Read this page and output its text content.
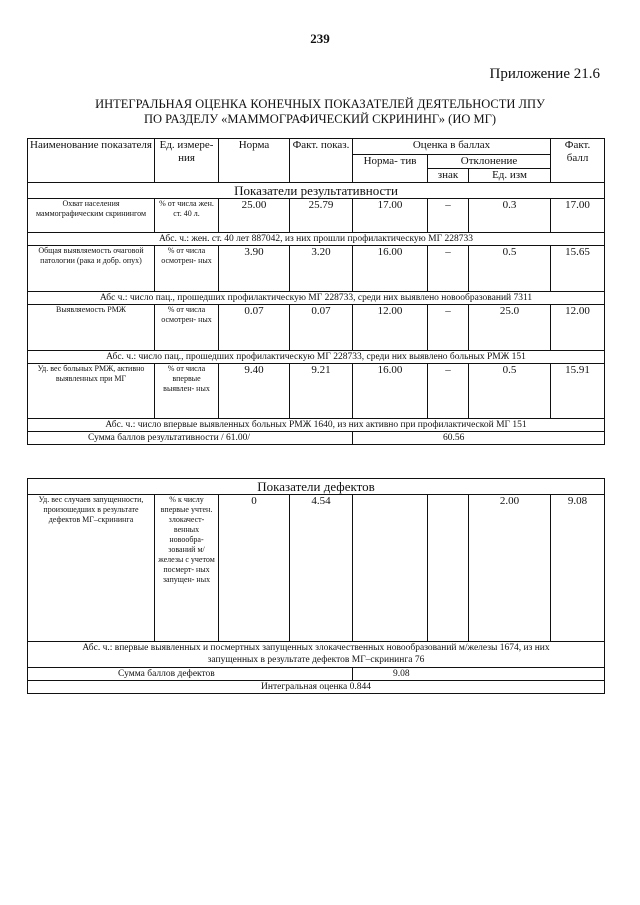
239
Приложение 21.6
ИНТЕГРАЛЬНАЯ ОЦЕНКА КОНЕЧНЫХ ПОКАЗАТЕЛЕЙ ДЕЯТЕЛЬНОСТИ ЛПУ
ПО РАЗДЕЛУ «МАММОГРАФИЧЕСКИЙ СКРИНИНГ» (ИО МГ)
Наименование показателя	Ед. измере- ния	Норма	Факт. показ.	Оценка в баллах			Факт. балл
				Норма- тив	Отклонение		
					знак	Ед. изм	
Показатели результативности							
Охват населения маммографическим скринингом	% от числа жен. ст. 40 л.	25.00	25.79	17.00	–	0.3	17.00
Абс. ч.: жен. ст. 40 лет 887042, из них прошли профилактическую МГ 228733							
Общая выявляемость очаговой патологии (рака и добр. опух)	% от числа осмотрен- ных	3.90	3.20	16.00	–	0.5	15.65
Абс ч.: число пац., прошедших профилактическую МГ 228733, среди них выявлено новообразований 7311							
Выявляемость РМЖ	% от числа осмотрен- ных	0.07	0.07	12.00	–	25.0	12.00
Абс. ч.: число пац., прошедших профилактическую МГ 228733, среди них выявлено больных РМЖ 151							
Уд. вес больных РМЖ, активно выявленных при МГ	% от числа впервые выявлен- ных	9.40	9.21	16.00	–	0.5	15.91
Абс. ч.: число впервые выявленных больных РМЖ 1640, из них активно при профилактической МГ 151							
Сумма баллов результативности / 61.00/				60.56			
Показатели дефектов							
Уд. вес случаев запущенности, произошедших в результате дефектов МГ–скрининга	% к числу впервые учтен. злокачест- венных новообра- зований м/железы с учетом посмерт- ных запущен- ных	0	4.54			2.00	9.08

Абс. ч.: впервые выявленных и посмертных запущенных злокачественных новообразований м/железы 1674, из них
запущенных в результате дефектов МГ–скрининга 76							

Сумма баллов дефектов				9.08			
Интегральная оценка 0.844							
